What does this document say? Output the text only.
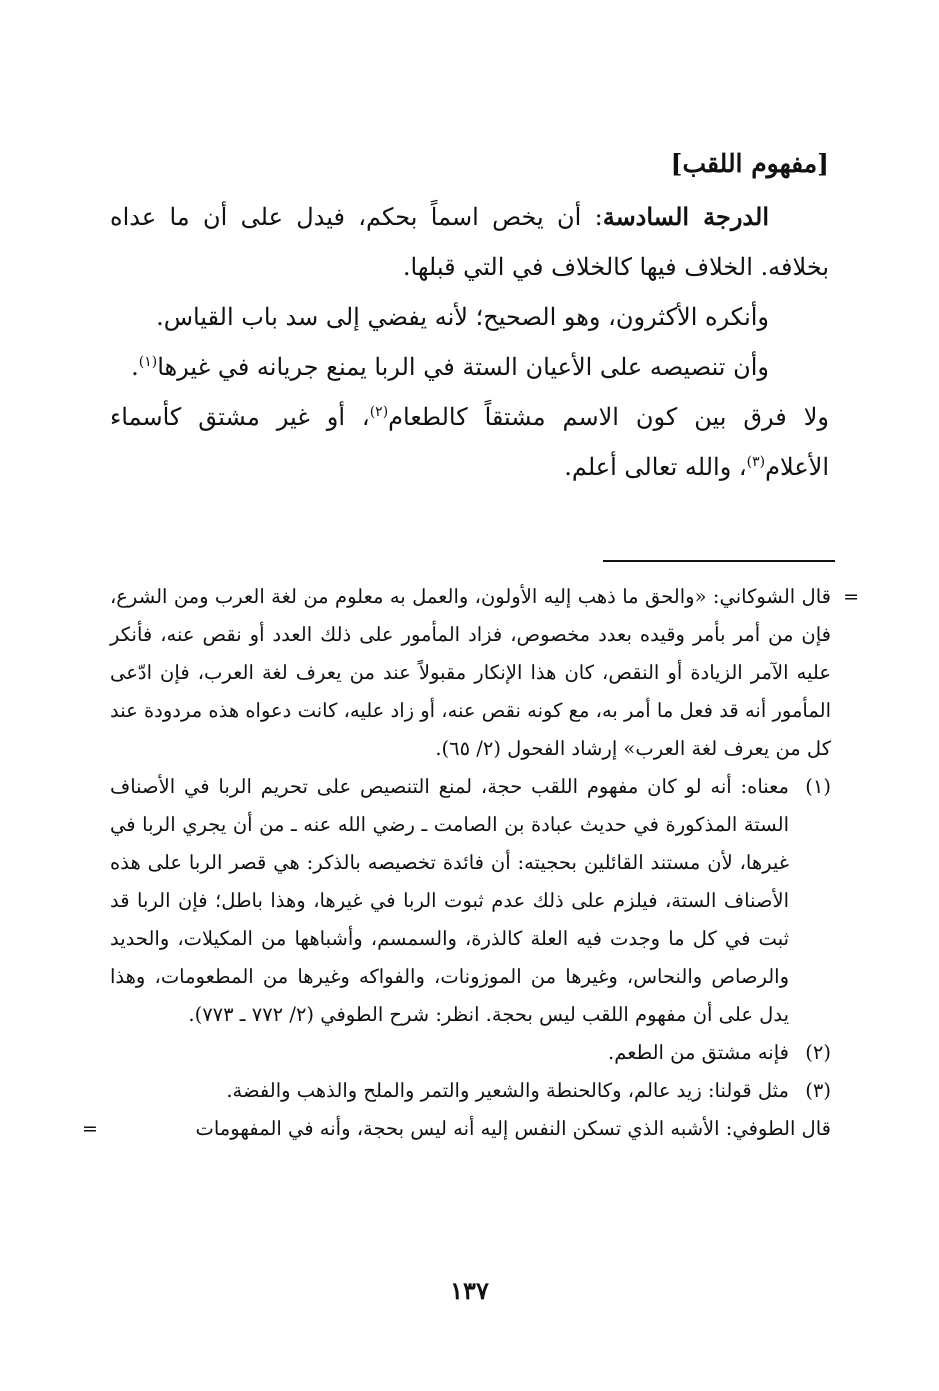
[مفهوم اللقب]

الدرجة السادسة: أن يخص اسماً بحكم، فيدل على أن ما عداه بخلافه. الخلاف فيها كالخلاف في التي قبلها.

وأنكره الأكثرون، وهو الصحيح؛ لأنه يفضي إلى سد باب القياس.

وأن تنصيصه على الأعيان الستة في الربا يمنع جريانه في غيرها$^{(١)}$.

ولا فرق بين كون الاسم مشتقاً كالطعام$^{(٢)}$، أو غير مشتق كأسماء الأعلام$^{(٣)}$، والله تعالى أعلم.

=
قال الشوكاني: «والحق ما ذهب إليه الأولون، والعمل به معلوم من لغة العرب ومن الشرع، فإن من أمر بأمر وقيده بعدد مخصوص، فزاد المأمور على ذلك العدد أو نقص عنه، فأنكر عليه الآمر الزيادة أو النقص، كان هذا الإنكار مقبولاً عند من يعرف لغة العرب، فإن ادّعى المأمور أنه قد فعل ما أمر به، مع كونه نقص عنه، أو زاد عليه، كانت دعواه هذه مردودة عند كل من يعرف لغة العرب» إرشاد الفحول (٢/ ٦٥).

(١)
معناه: أنه لو كان مفهوم اللقب حجة، لمنع التنصيص على تحريم الربا في الأصناف الستة المذكورة في حديث عبادة بن الصامت ـ رضي الله عنه ـ من أن يجري الربا في غيرها، لأن مستند القائلين بحجيته: أن فائدة تخصيصه بالذكر: هي قصر الربا على هذه الأصناف الستة، فيلزم على ذلك عدم ثبوت الربا في غيرها، وهذا باطل؛ فإن الربا قد ثبت في كل ما وجدت فيه العلة كالذرة، والسمسم، وأشباهها من المكيلات، والحديد والرصاص والنحاس، وغيرها من الموزونات، والفواكه وغيرها من المطعومات، وهذا يدل على أن مفهوم اللقب ليس بحجة. انظر: شرح الطوفي (٢/ ٧٧٢ ـ ٧٧٣).

(٢)
فإنه مشتق من الطعم.

(٣)
مثل قولنا: زيد عالم، وكالحنطة والشعير والتمر والملح والذهب والفضة.

قال الطوفي: الأشبه الذي تسكن النفس إليه أنه ليس بحجة، وأنه في المفهومات
=

١٣٧
